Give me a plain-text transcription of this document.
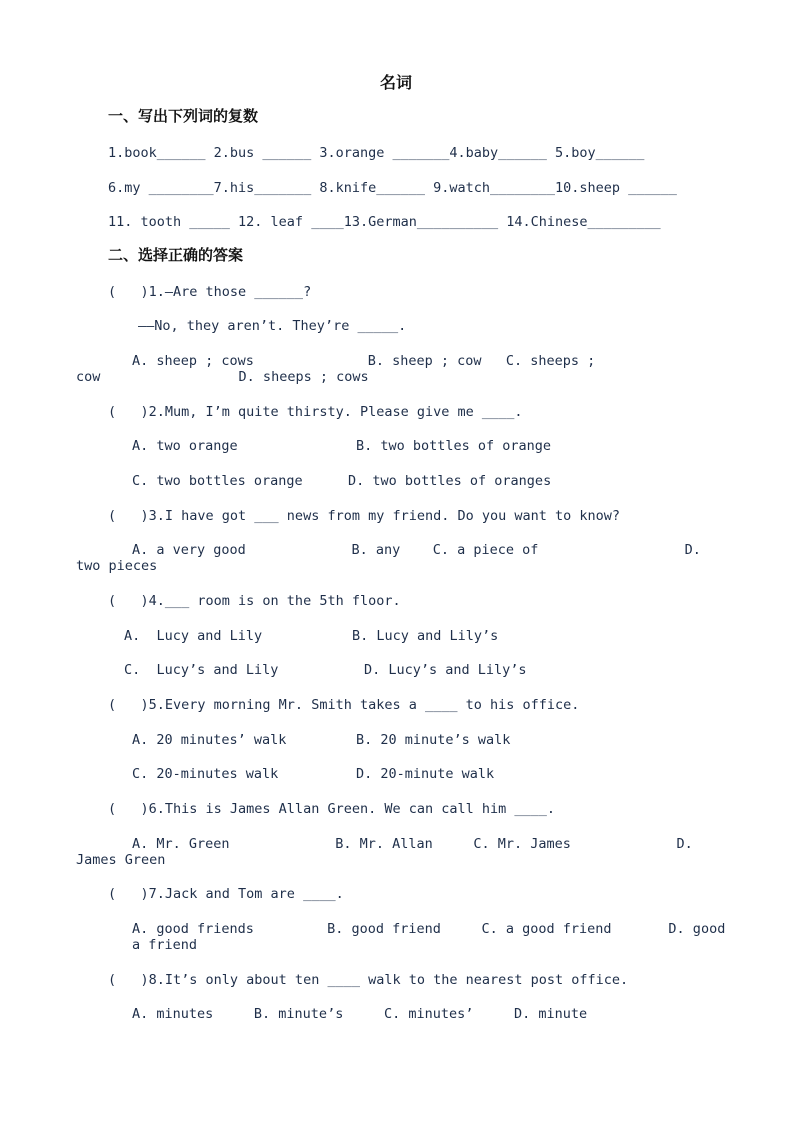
名词
一、写出下列词的复数
1.book______ 2.bus ______ 3.orange _______4.baby______ 5.boy______
6.my ________7.his_______ 8.knife______ 9.watch________10.sheep ______
11. tooth _____ 12. leaf ____13.German__________ 14.Chinese_________
二、选择正确的答案
(   )1.—Are those ______?
——No, they aren’t. They’re _____.
A. sheep ; cows              B. sheep ; cow   C. sheeps ;
cow                 D. sheeps ; cows
(   )2.Mum, I’m quite thirsty. Please give me ____.
A. two orange	B. two bottles of orange
C. two bottles orange	D. two bottles of oranges
(   )3.I have got ___ news from my friend. Do you want to know?
A. a very good             B. any    C. a piece of                  D.
two pieces
(   )4.___ room is on the 5th floor.
A.  Lucy and Lily	B. Lucy and Lily’s
C.  Lucy’s and Lily	D. Lucy’s and Lily’s
(   )5.Every morning Mr. Smith takes a ____ to his office.
A. 20 minutes’ walk	B. 20 minute’s walk
C. 20-minutes walk	D. 20-minute walk
(   )6.This is James Allan Green. We can call him ____.
A. Mr. Green             B. Mr. Allan     C. Mr. James             D.
James Green
(   )7.Jack and Tom are ____.
A. good friends         B. good friend     C. a good friend       D. good
a friend
(   )8.It’s only about ten ____ walk to the nearest post office.
A. minutes     B. minute’s     C. minutes’     D. minute
